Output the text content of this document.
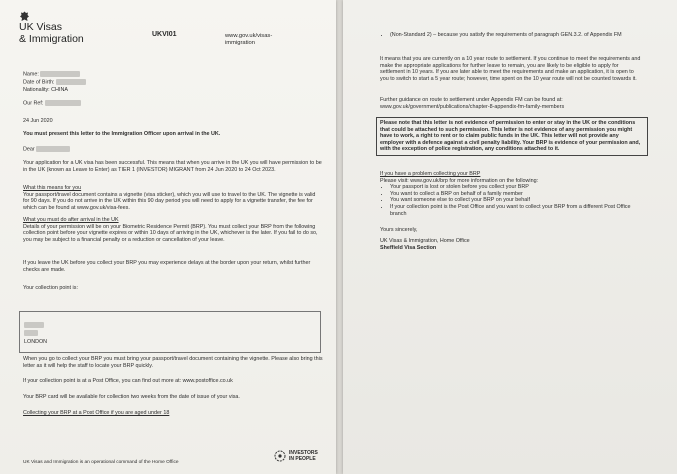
UK Visas
& Immigration	UKVI01	www.gov.uk/visas-
immigration
Name:
Date of Birth:
Nationality: CHINA
Our Ref:
24 Jun 2020
You must present this letter to the Immigration Officer upon arrival in the UK.
Dear
Your application for a UK visa has been successful. This means that when you arrive in the UK you will have permission to be in the UK (known as Leave to Enter) as TIER 1 (INVESTOR) MIGRANT from 24 Jun 2020 to 24 Oct 2023.
What this means for you
Your passport/travel document contains a vignette (visa sticker), which you will use to travel to the UK. The vignette is valid for 90 days. If you do not arrive in the UK within this 90 day period you will need to apply for a vignette transfer, the fee for which can be found at www.gov.uk/visa-fees.
What you must do after arrival in the UK
Details of your permission will be on your Biometric Residence Permit (BRP). You must collect your BRP from the following collection point before your vignette expires or within 10 days of arriving in the UK, whichever is the later. If you fail to do so, you may be subject to a financial penalty or a reduction or cancellation of your leave.
If you leave the UK before you collect your BRP you may experience delays at the border upon your return, whilst further checks are made.
Your collection point is:
LONDON
When you go to collect your BRP you must bring your passport/travel document containing the vignette. Please also bring this letter as it will help the staff to locate your BRP quickly.
If your collection point is at a Post Office, you can find out more at: www.postoffice.co.uk
Your BRP card will be available for collection two weeks from the date of issue of your visa.
Collecting your BRP at a Post Office if you are aged under 18
UK Visas and Immigration is an operational command of the Home Office
INVESTORS
IN PEOPLE
• (Non-Standard 2) – because you satisfy the requirements of paragraph GEN.3.2. of Appendix FM
It means that you are currently on a 10 year route to settlement. If you continue to meet the requirements and make the appropriate applications for further leave to remain, you are likely to be eligible to apply for settlement in 10 years. If you are later able to meet the requirements and make an application, it is open to you to switch to start a 5 year route; however, time spent on the 10 year route will not be counted towards it.
Further guidance on route to settlement under Appendix FM can be found at: www.gov.uk/government/publications/chapter-8-appendix-fm-family-members
Please note that this letter is not evidence of permission to enter or stay in the UK or the conditions that could be attached to such permission. This letter is not evidence of any permission you might have to work, a right to rent or to claim public funds in the UK. This letter will not provide any employer with a defence against a civil penalty liability. Your BRP is evidence of your permission and, with the exception of police registration, any conditions attached to it.
If you have a problem collecting your BRP
Please visit: www.gov.uk/brp for more information on the following:
• Your passport is lost or stolen before you collect your BRP
• You want to collect a BRP on behalf of a family member
• You want someone else to collect your BRP on your behalf
• If your collection point is the Post Office and you want to collect your BRP from a different Post Office branch
Yours sincerely,
UK Visas & Immigration, Home Office
Sheffield Visa Section
